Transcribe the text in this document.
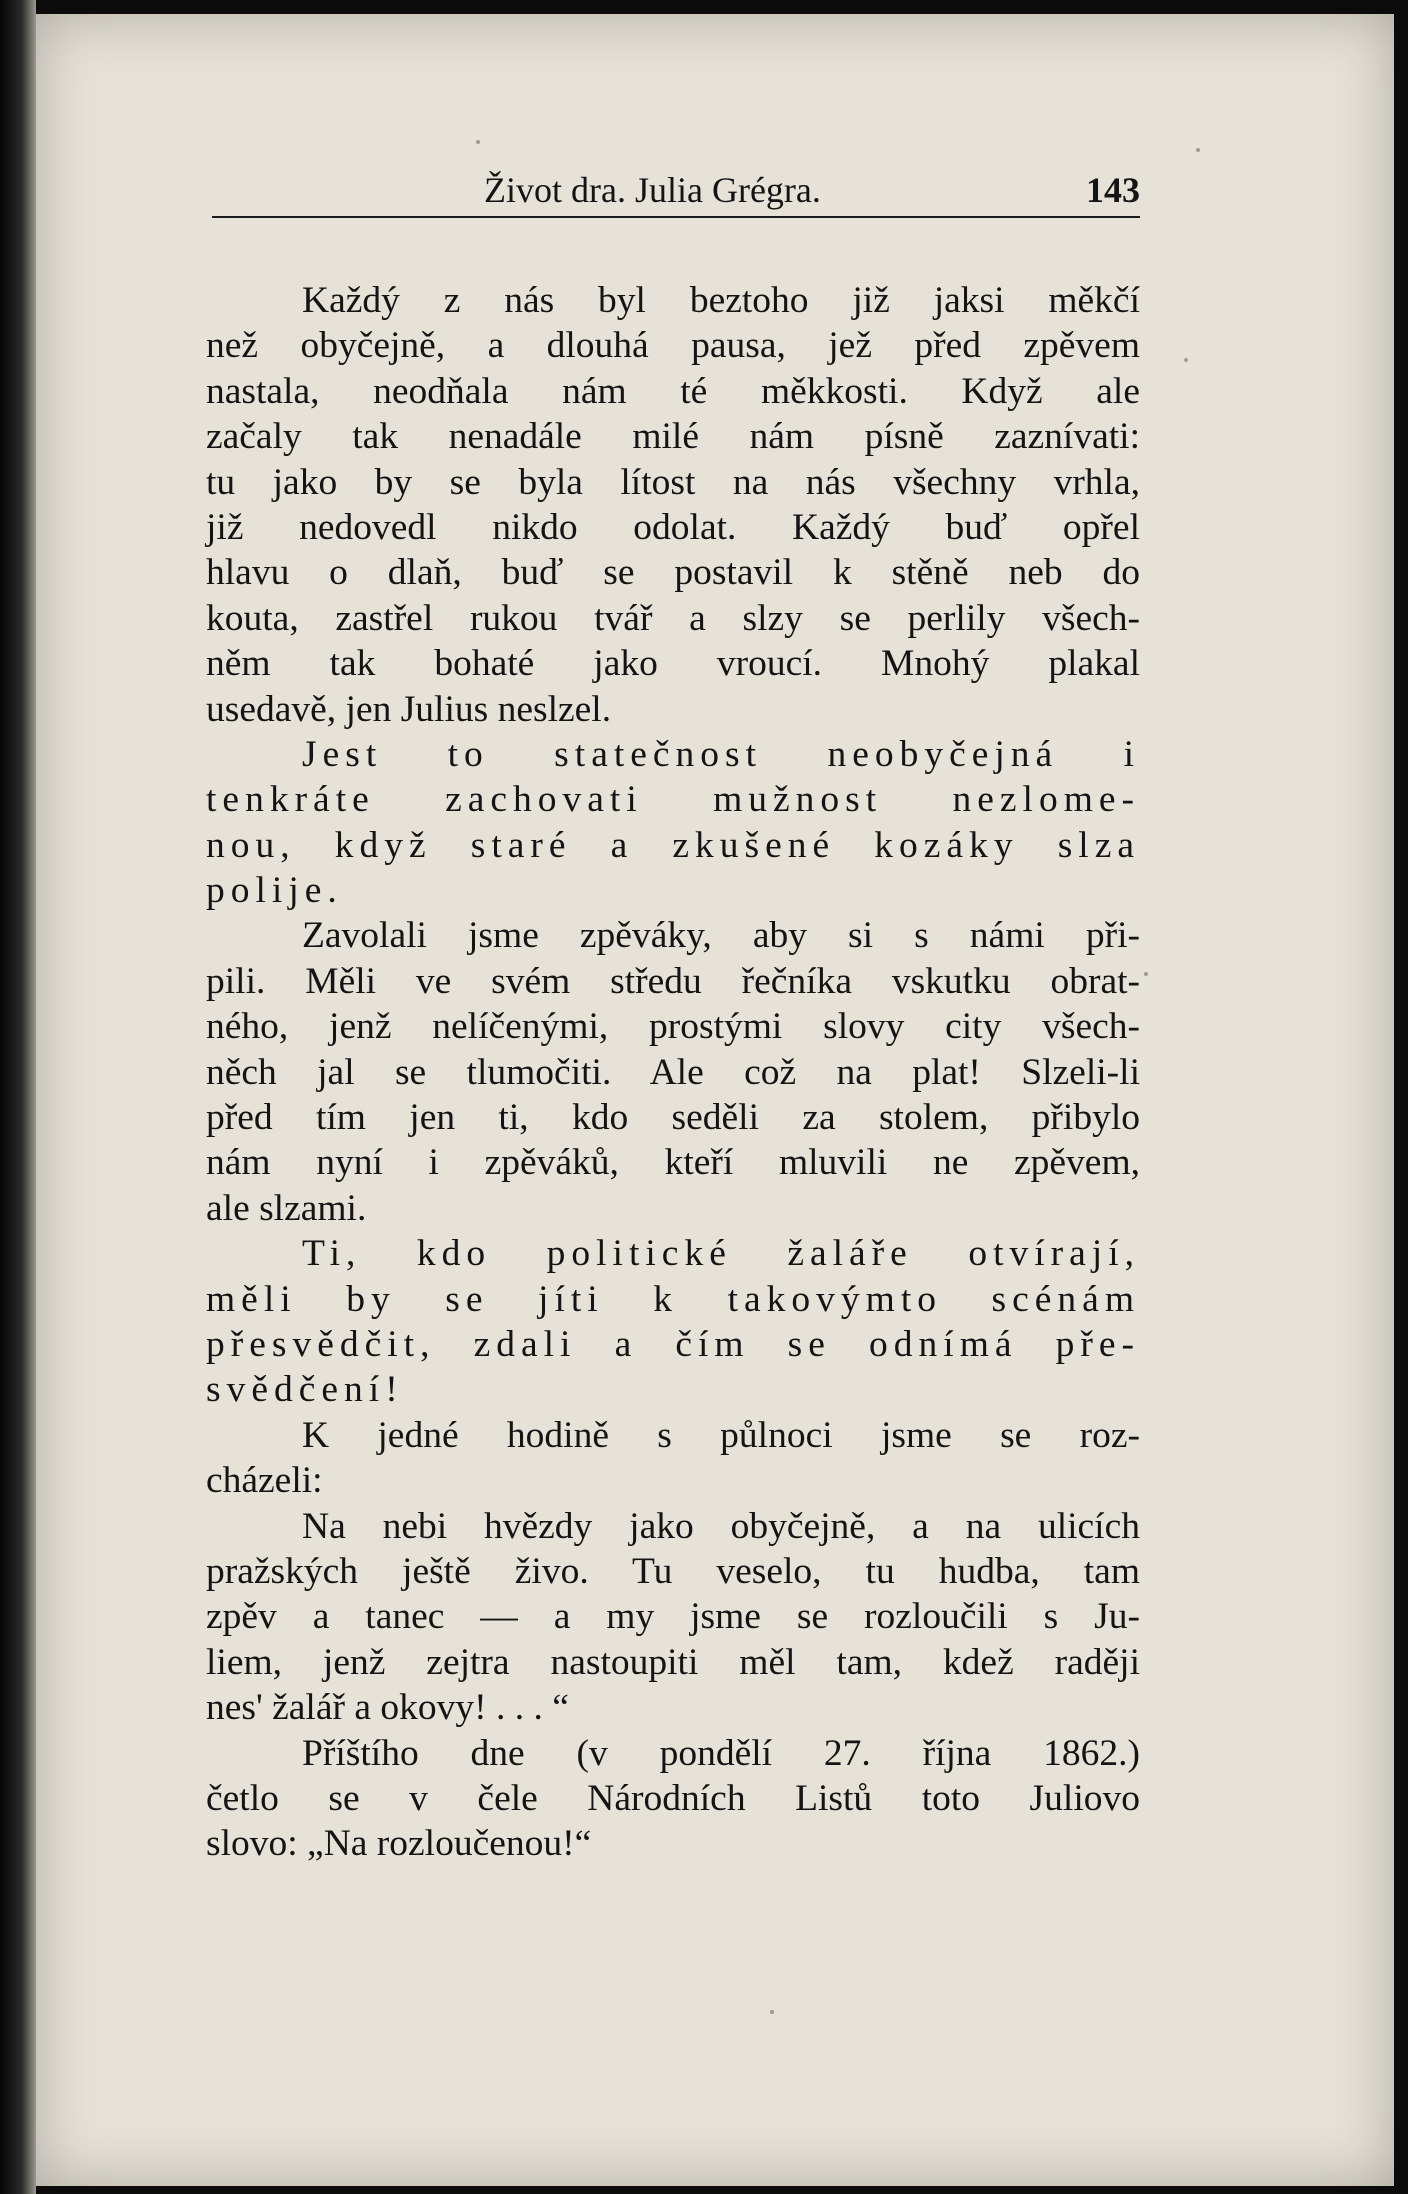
Život dra. Julia Grégra.	143
Každý z nás byl beztoho již jaksi měkčí
než obyčejně, a dlouhá pausa, jež před zpěvem
nastala, neodňala nám té měkkosti. Když ale
začaly tak nenadále milé nám písně zaznívati:
tu jako by se byla lítost na nás všechny vrhla,
již nedovedl nikdo odolat. Každý buď opřel
hlavu o dlaň, buď se postavil k stěně neb do
kouta, zastřel rukou tvář a slzy se perlily všech-
něm tak bohaté jako vroucí. Mnohý plakal
usedavě, jen Julius neslzel.
Jest to statečnost neobyčejná i
tenkráte zachovati mužnost nezlome-
nou, když staré a zkušené kozáky slza
polije.
Zavolali jsme zpěváky, aby si s námi při-
pili. Měli ve svém středu řečníka vskutku obrat-
ného, jenž nelíčenými, prostými slovy city všech-
něch jal se tlumočiti. Ale což na plat! Slzeli-li
před tím jen ti, kdo seděli za stolem, přibylo
nám nyní i zpěváků, kteří mluvili ne zpěvem,
ale slzami.
Ti, kdo politické žaláře otvírají,
měli by se jíti k takovýmto scénám
přesvědčit, zdali a čím se odnímá pře-
svědčení!
K jedné hodině s půlnoci jsme se roz-
cházeli:
Na nebi hvězdy jako obyčejně, a na ulicích
pražských ještě živo. Tu veselo, tu hudba, tam
zpěv a tanec — a my jsme se rozloučili s Ju-
liem, jenž zejtra nastoupiti měl tam, kdež raději
nes' žalář a okovy! . . . “
Příštího dne (v pondělí 27. října 1862.)
četlo se v čele Národních Listů toto Juliovo
slovo: „Na rozloučenou!“
